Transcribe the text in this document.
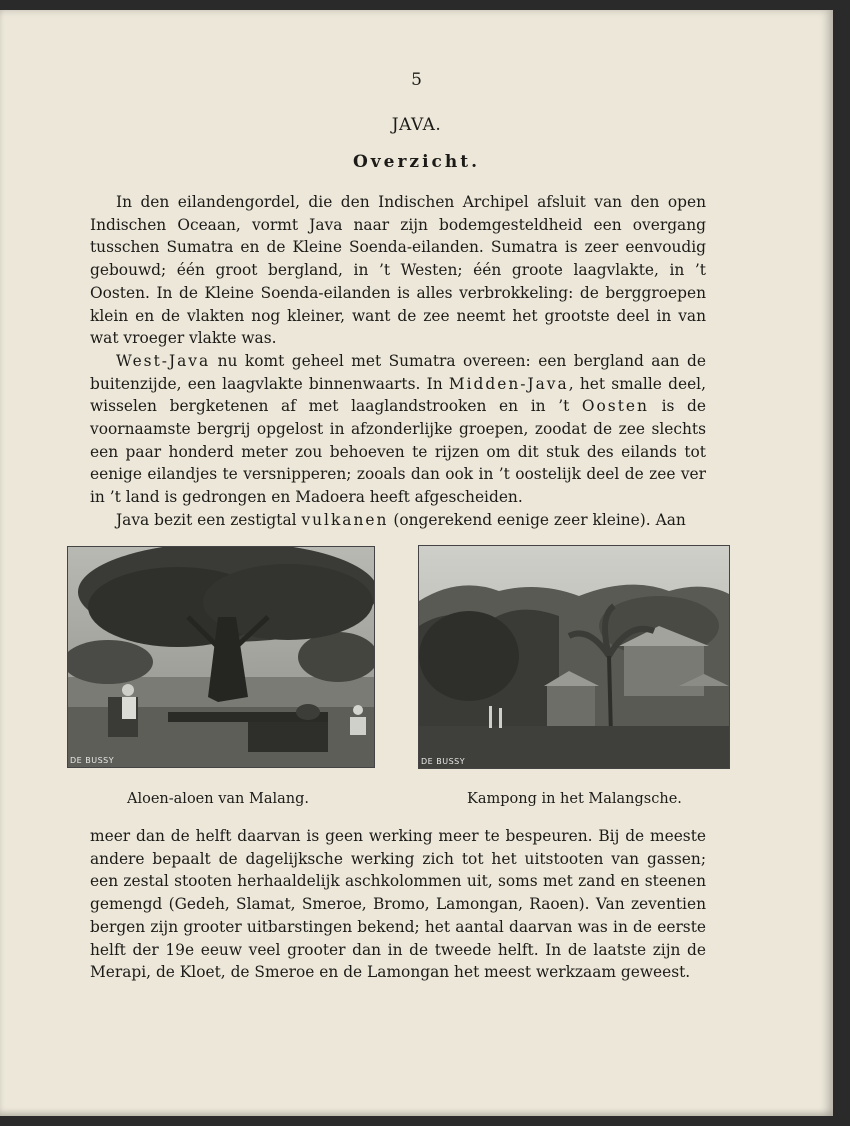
5
JAVA.
Overzicht.

In den eilandengordel, die den Indischen Archipel afsluit van den open Indischen Oceaan, vormt Java naar zijn bodemgesteldheid een overgang tusschen Sumatra en de Kleine Soenda-eilanden. Sumatra is zeer eenvoudig gebouwd; één groot bergland, in ’t Westen; één groote laagvlakte, in ’t Oosten. In de Kleine Soenda-eilanden is alles verbrokkeling: de berggroepen klein en de vlakten nog kleiner, want de zee neemt het grootste deel in van wat vroeger vlakte was.

West-Java nu komt geheel met Sumatra overeen: een bergland aan de buitenzijde, een laagvlakte binnenwaarts. In Midden-Java, het smalle deel, wisselen bergketenen af met laaglandstrooken en in ’t Oosten is de voornaamste bergrij opgelost in afzonderlijke groepen, zoodat de zee slechts een paar honderd meter zou behoeven te rijzen om dit stuk des eilands tot eenige eilandjes te versnipperen; zooals dan ook in ’t oostelijk deel de zee ver in ’t land is gedrongen en Madoera heeft afgescheiden.

Java bezit een zestigtal vulkanen (ongerekend eenige zeer kleine). Aan

DE BUSSY	DE BUSSY
Aloen-aloen van Malang.	Kampong in het Malangsche.

meer dan de helft daarvan is geen werking meer te bespeuren. Bij de meeste andere bepaalt de dagelijksche werking zich tot het uitstooten van gassen; een zestal stooten herhaaldelijk aschkolommen uit, soms met zand en steenen gemengd (Gedeh, Slamat, Smeroe, Bromo, Lamongan, Raoen). Van zeventien bergen zijn grooter uitbarstingen bekend; het aantal daarvan was in de eerste helft der 19e eeuw veel grooter dan in de tweede helft. In de laatste zijn de Merapi, de Kloet, de Smeroe en de Lamongan het meest werkzaam geweest.
